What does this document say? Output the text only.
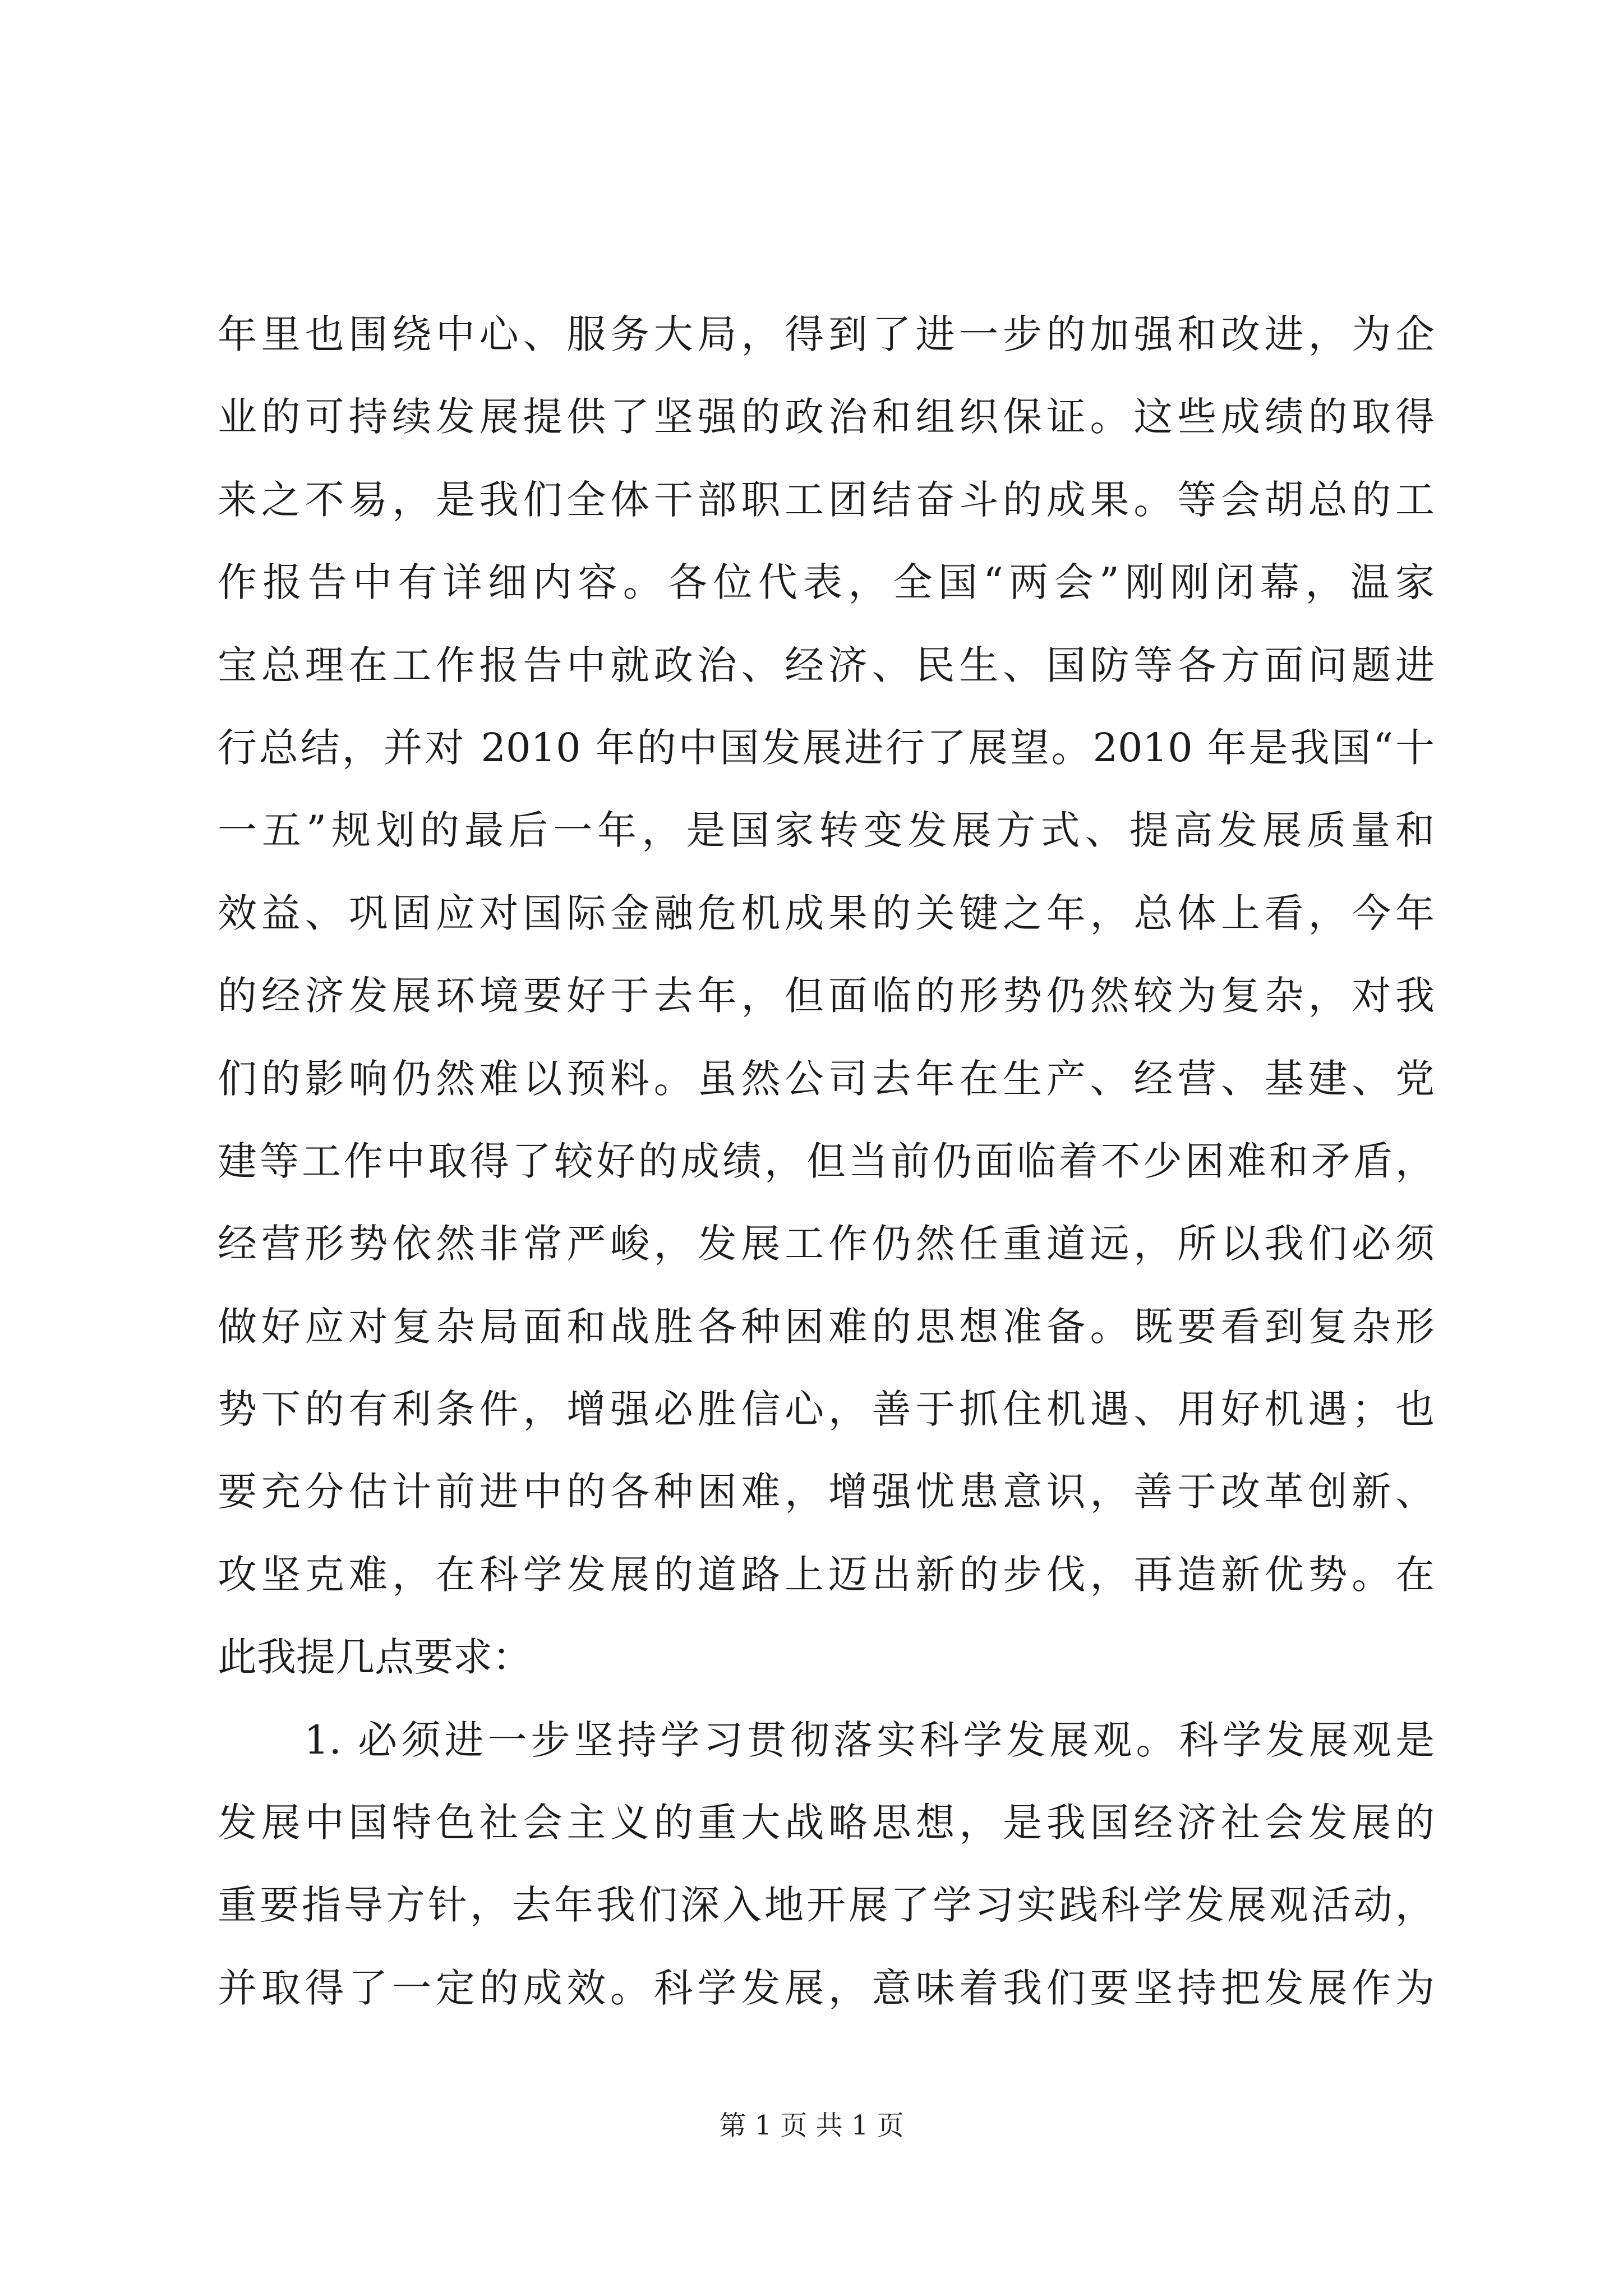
年里也围绕中心、服务大局，得到了进一步的加强和改进，为企
业的可持续发展提供了坚强的政治和组织保证。这些成绩的取得
来之不易，是我们全体干部职工团结奋斗的成果。等会胡总的工
作报告中有详细内容。各位代表，全国“两会”刚刚闭幕，温家
宝总理在工作报告中就政治、经济、民生、国防等各方面问题进
行总结，并对 2010 年的中国发展进行了展望。2010 年是我国“十
一五”规划的最后一年，是国家转变发展方式、提高发展质量和
效益、巩固应对国际金融危机成果的关键之年，总体上看，今年
的经济发展环境要好于去年，但面临的形势仍然较为复杂，对我
们的影响仍然难以预料。虽然公司去年在生产、经营、基建、党
建等工作中取得了较好的成绩，但当前仍面临着不少困难和矛盾，
经营形势依然非常严峻，发展工作仍然任重道远，所以我们必须
做好应对复杂局面和战胜各种困难的思想准备。既要看到复杂形
势下的有利条件，增强必胜信心，善于抓住机遇、用好机遇；也
要充分估计前进中的各种困难，增强忧患意识，善于改革创新、
攻坚克难，在科学发展的道路上迈出新的步伐，再造新优势。在
此我提几点要求：
　　1. 必须进一步坚持学习贯彻落实科学发展观。科学发展观是
发展中国特色社会主义的重大战略思想，是我国经济社会发展的
重要指导方针，去年我们深入地开展了学习实践科学发展观活动，
并取得了一定的成效。科学发展，意味着我们要坚持把发展作为
第 1 页 共 1 页
